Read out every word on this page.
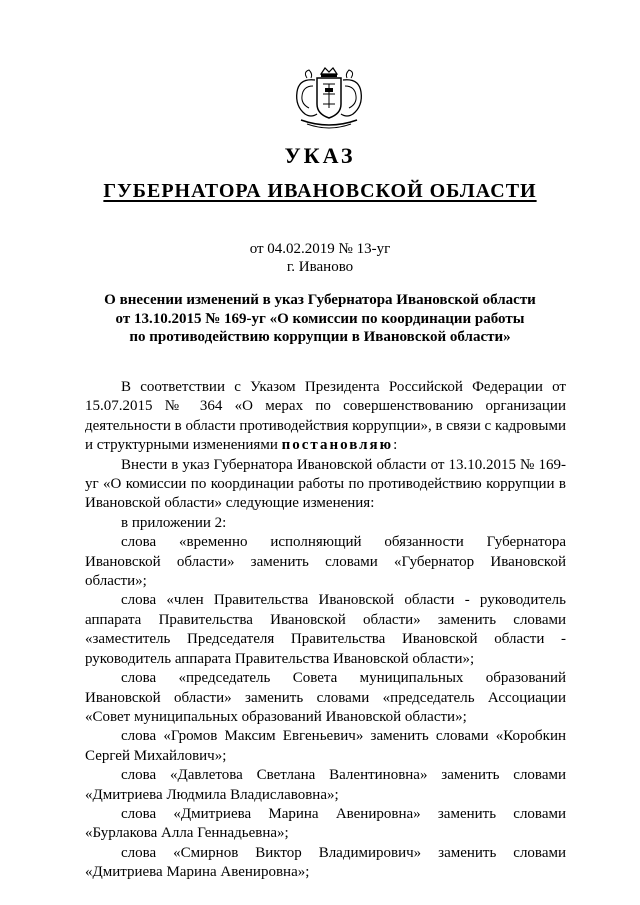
УКАЗ
ГУБЕРНАТОРА ИВАНОВСКОЙ ОБЛАСТИ
от 04.02.2019 № 13-уг
г. Иваново
О внесении изменений в указ Губернатора Ивановской области
от 13.10.2015 № 169-уг «О комиссии по координации работы
по противодействию коррупции в Ивановской области»

В соответствии с Указом Президента Российской Федерации от 15.07.2015 № 364 «О мерах по совершенствованию организации деятельности в области противодействия коррупции», в связи с кадровыми и структурными изменениями постановляю:

Внести в указ Губернатора Ивановской области от 13.10.2015 № 169-уг «О комиссии по координации работы по противодействию коррупции в Ивановской области» следующие изменения:

в приложении 2:

слова «временно исполняющий обязанности Губернатора Ивановской области» заменить словами «Губернатор Ивановской области»;

слова «член Правительства Ивановской области - руководитель аппарата Правительства Ивановской области» заменить словами «заместитель Председателя Правительства Ивановской области - руководитель аппарата Правительства Ивановской области»;

слова «председатель Совета муниципальных образований Ивановской области» заменить словами «председатель Ассоциации «Совет муниципальных образований Ивановской области»;

слова «Громов Максим Евгеньевич» заменить словами «Коробкин Сергей Михайлович»;

слова «Давлетова Светлана Валентиновна» заменить словами «Дмитриева Людмила Владиславовна»;

слова «Дмитриева Марина Авенировна» заменить словами «Бурлакова Алла Геннадьевна»;

слова «Смирнов Виктор Владимирович» заменить словами «Дмитриева Марина Авенировна»;
